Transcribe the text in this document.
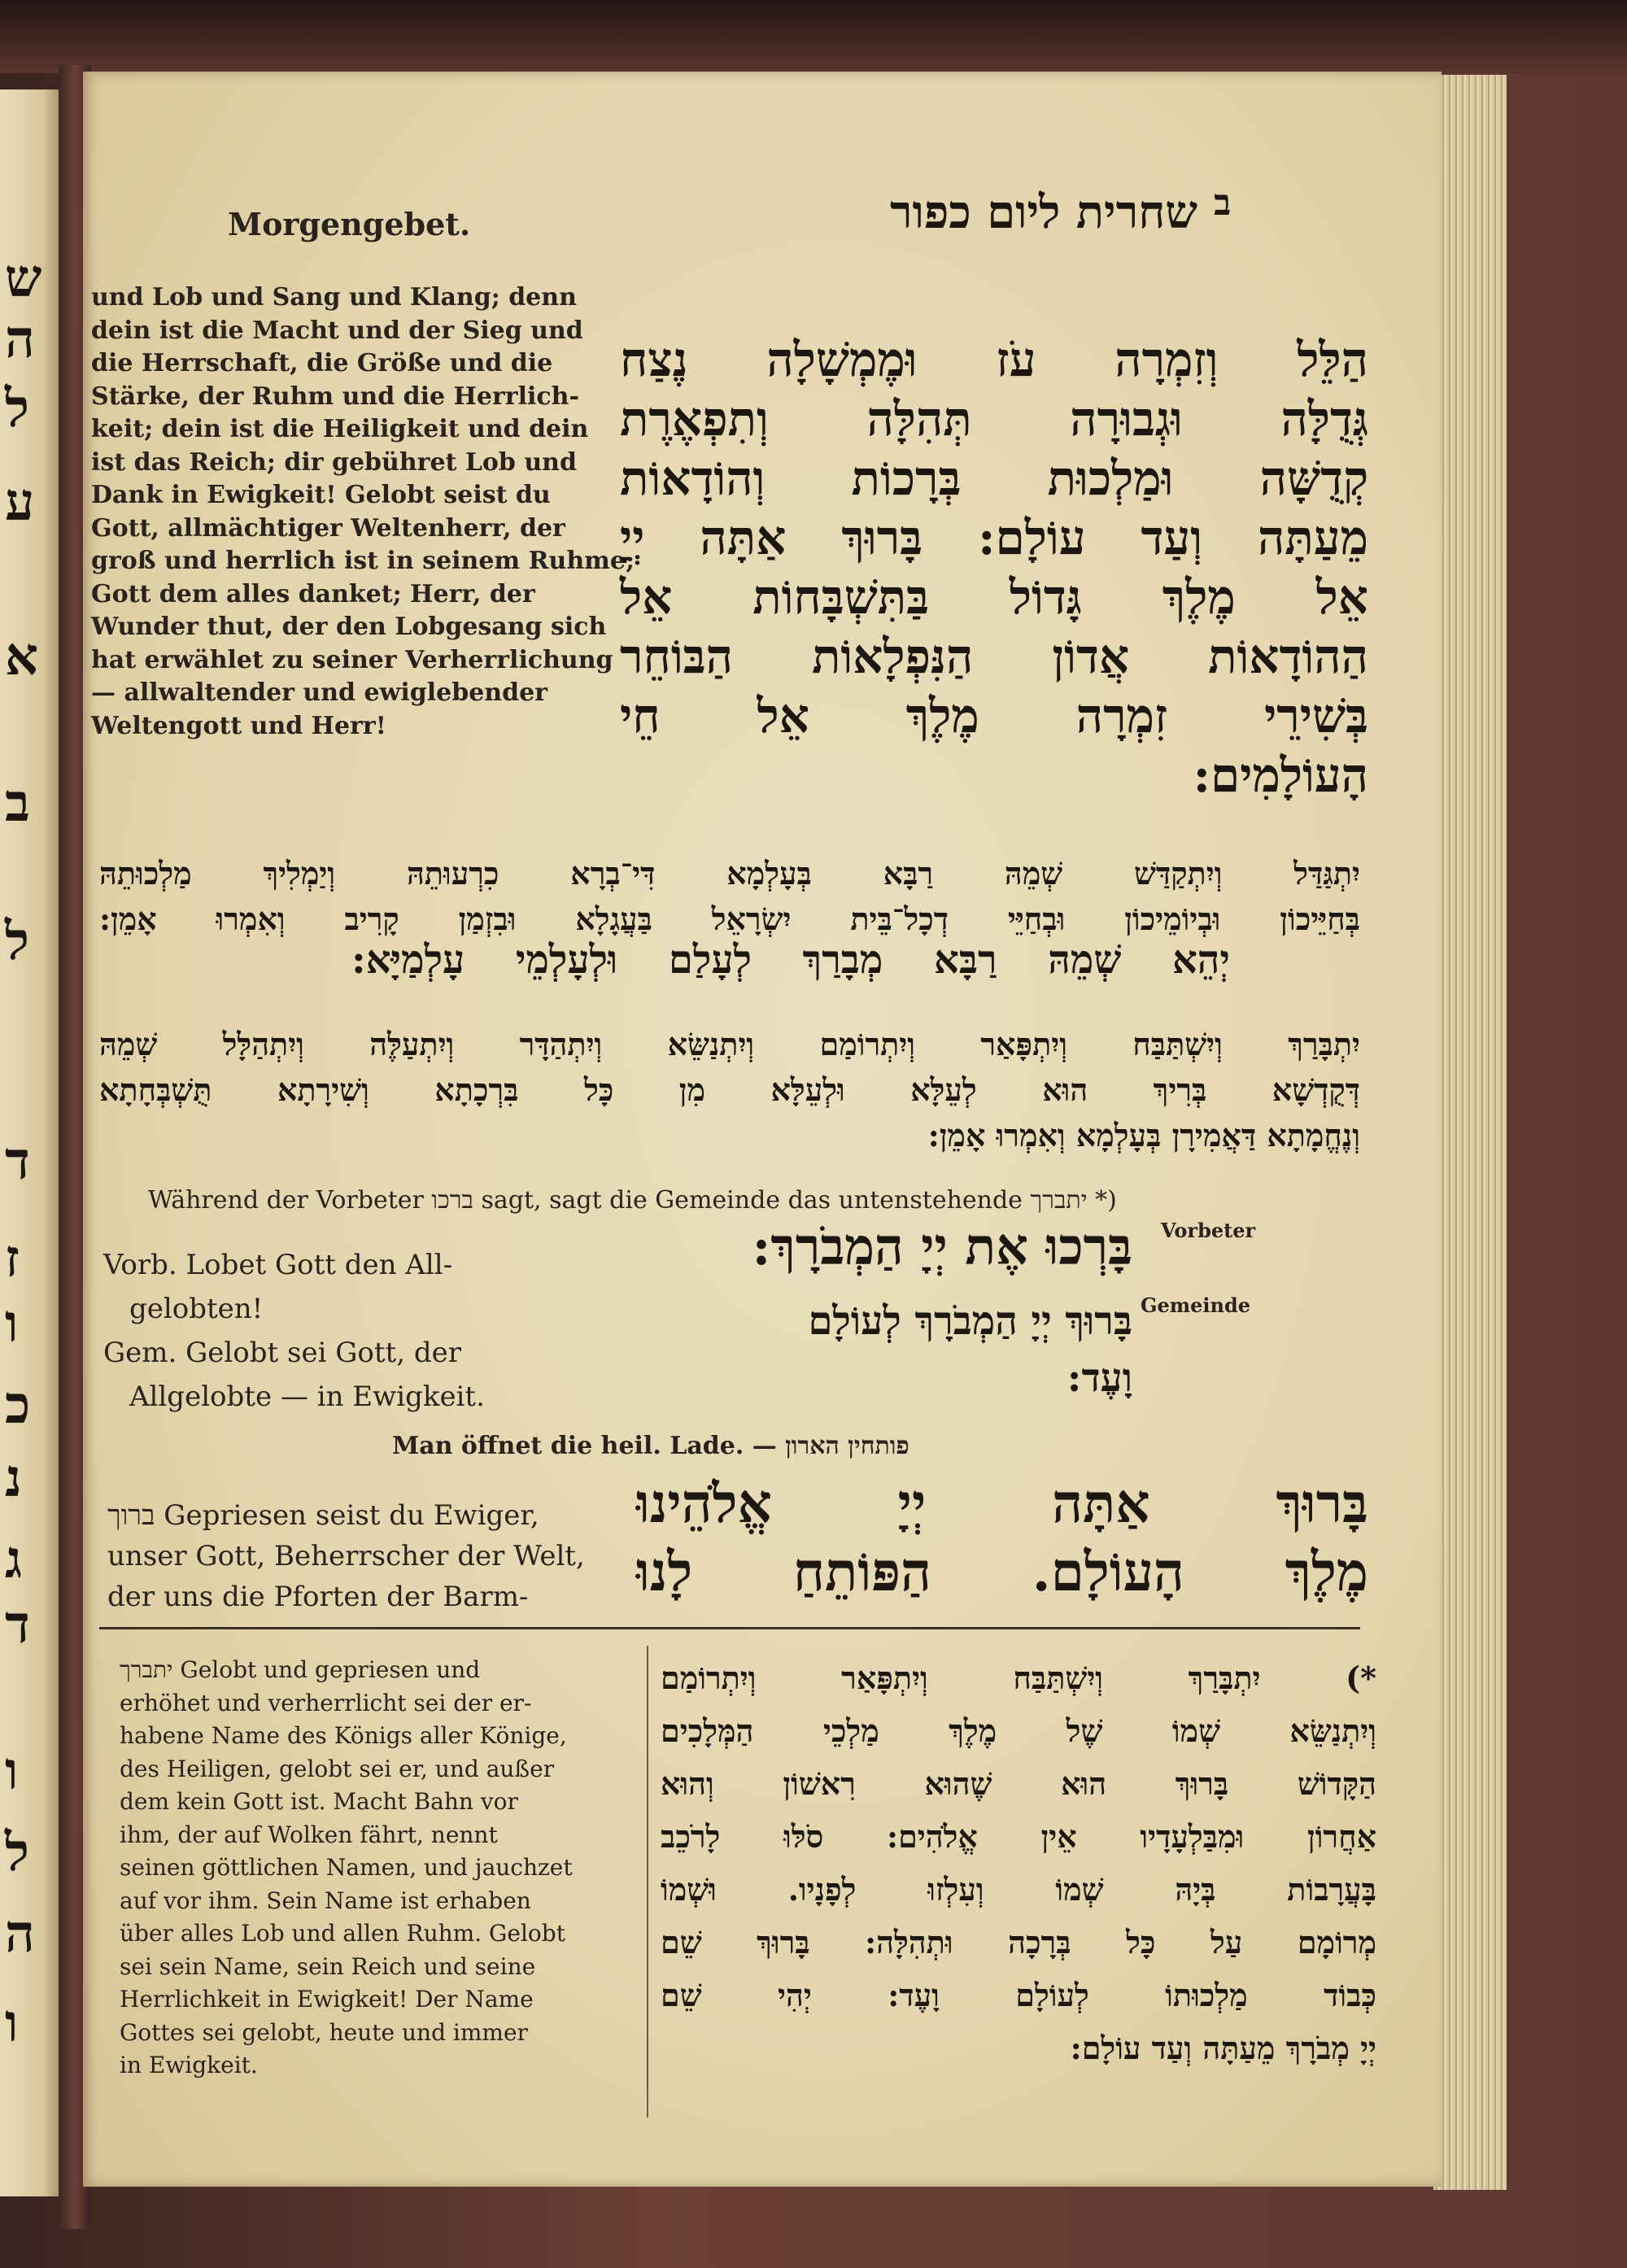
ש
ה
ל
ע
א
ב
ל
ד
ז
ו
כ
נ
ג
ד
ו
ל
ה
ו
ב
שחרית ליום כפור
Morgengebet.
und Lob und Sang und Klang; denn
dein ist die Macht und der Sieg und
die Herrschaft, die Größe und die
Stärke, der Ruhm und die Herrlich-
keit; dein ist die Heiligkeit und dein
ist das Reich; dir gebühret Lob und
Dank in Ewigkeit! Gelobt seist du
Gott, allmächtiger Weltenherr, der
groß und herrlich ist in seinem Ruhme;
Gott dem alles danket; Herr, der
Wunder thut, der den Lobgesang sich
hat erwählet zu seiner Verherrlichung
— allwaltender und ewiglebender
Weltengott und Herr!
הַלֵּל וְזִמְרָה עֹז וּמֶמְשָׁלָה נֶצַח
גְּדֻלָּה וּגְבוּרָה תְּהִלָּה וְתִפְאֶרֶת
קְדֻשָּׁה וּמַלְכוּת בְּרָכוֹת וְהוֹדָאוֹת
מֵעַתָּה וְעַד עוֹלָם: בָּרוּךְ אַתָּה יְיָ
אֵל מֶלֶךְ גָּדוֹל בַּתִּשְׁבָּחוֹת אֵל
הַהוֹדָאוֹת אֲדוֹן הַנִּפְלָאוֹת הַבּוֹחֵר
בְּשִׁירֵי זִמְרָה מֶלֶךְ אֵל חֵי
הָעוֹלָמִים:
יִתְגַּדַּל וְיִתְקַדַּשׁ שְׁמֵהּ רַבָּא בְּעָלְמָא דִּי־בְרָא כִרְעוּתֵהּ וְיַמְלִיךְ מַלְכוּתֵהּ
בְּחַיֵּיכוֹן וּבְיוֹמֵיכוֹן וּבְחַיֵּי דְכָל־בֵּית יִשְׂרָאֵל בַּעֲגָלָא וּבִזְמַן קָרִיב וְאִמְרוּ אָמֵן:
יְהֵא שְׁמֵהּ רַבָּא מְבָרַךְ לְעָלַם וּלְעָלְמֵי עָלְמַיָּא:
יִתְבָּרַךְ וְיִשְׁתַּבַּח וְיִתְפָּאַר וְיִתְרוֹמַם וְיִתְנַשֵּׂא וְיִתְהַדָּר וְיִתְעַלֶּה וְיִתְהַלָּל שְׁמֵהּ
דְּקֻדְשָׁא בְּרִיךְ הוּא לְעֵלָּא וּלְעֵלָּא מִן כָּל בִּרְכָתָא וְשִׁירָתָא תֻּשְׁבְּחָתָא
וְנֶחֱמָתָא דַּאֲמִירָן בְּעָלְמָא וְאִמְרוּ אָמֵן:
Während der Vorbeter ברכו sagt, sagt die Gemeinde das untenstehende יתברך *)
Vorbeter
Gemeinde
בָּרְכוּ אֶת יְיָ הַמְבֹרָךְ:
בָּרוּךְ יְיָ הַמְבֹרָךְ לְעוֹלָם
וָעֶד:
Vorb. Lobet Gott den All-
gelobten!
Gem. Gelobt sei Gott, der
Allgelobte — in Ewigkeit.
Man öffnet die heil. Lade. — פותחין הארון
בָּרוּךְ אַתָּה יְיָ אֱלֹהֵינוּ
מֶלֶךְ הָעוֹלָם. הַפּוֹתֵחַ לָנוּ
ברוך Gepriesen seist du Ewiger,
unser Gott, Beherrscher der Welt,
der uns die Pforten der Barm-
יתברך Gelobt und gepriesen und
erhöhet und verherrlicht sei der er-
habene Name des Königs aller Könige,
des Heiligen, gelobt sei er, und außer
dem kein Gott ist. Macht Bahn vor
ihm, der auf Wolken fährt, nennt
seinen göttlichen Namen, und jauchzet
auf vor ihm. Sein Name ist erhaben
über alles Lob und allen Ruhm. Gelobt
sei sein Name, sein Reich und seine
Herrlichkeit in Ewigkeit! Der Name
Gottes sei gelobt, heute und immer
in Ewigkeit.
*) יִתְבָּרַךְ וְיִשְׁתַּבַּח וְיִתְפָּאַר וְיִתְרוֹמַם
וְיִתְנַשֵּׂא שְׁמוֹ שֶׁל מֶלֶךְ מַלְכֵי הַמְּלָכִים
הַקָּדוֹשׁ בָּרוּךְ הוּא שֶׁהוּא רִאשׁוֹן וְהוּא
אַחֲרוֹן וּמִבַּלְעָדָיו אֵין אֱלֹהִים: סֹלּוּ לָרֹכֵב
בָּעֲרָבוֹת בְּיָהּ שְׁמוֹ וְעִלְזוּ לְפָנָיו. וּשְׁמוֹ
מְרוֹמָם עַל כָּל בְּרָכָה וּתְהִלָּה: בָּרוּךְ שֵׁם
כְּבוֹד מַלְכוּתוֹ לְעוֹלָם וָעֶד: יְהִי שֵׁם
יְיָ מְבֹרָךְ מֵעַתָּה וְעַד עוֹלָם:
